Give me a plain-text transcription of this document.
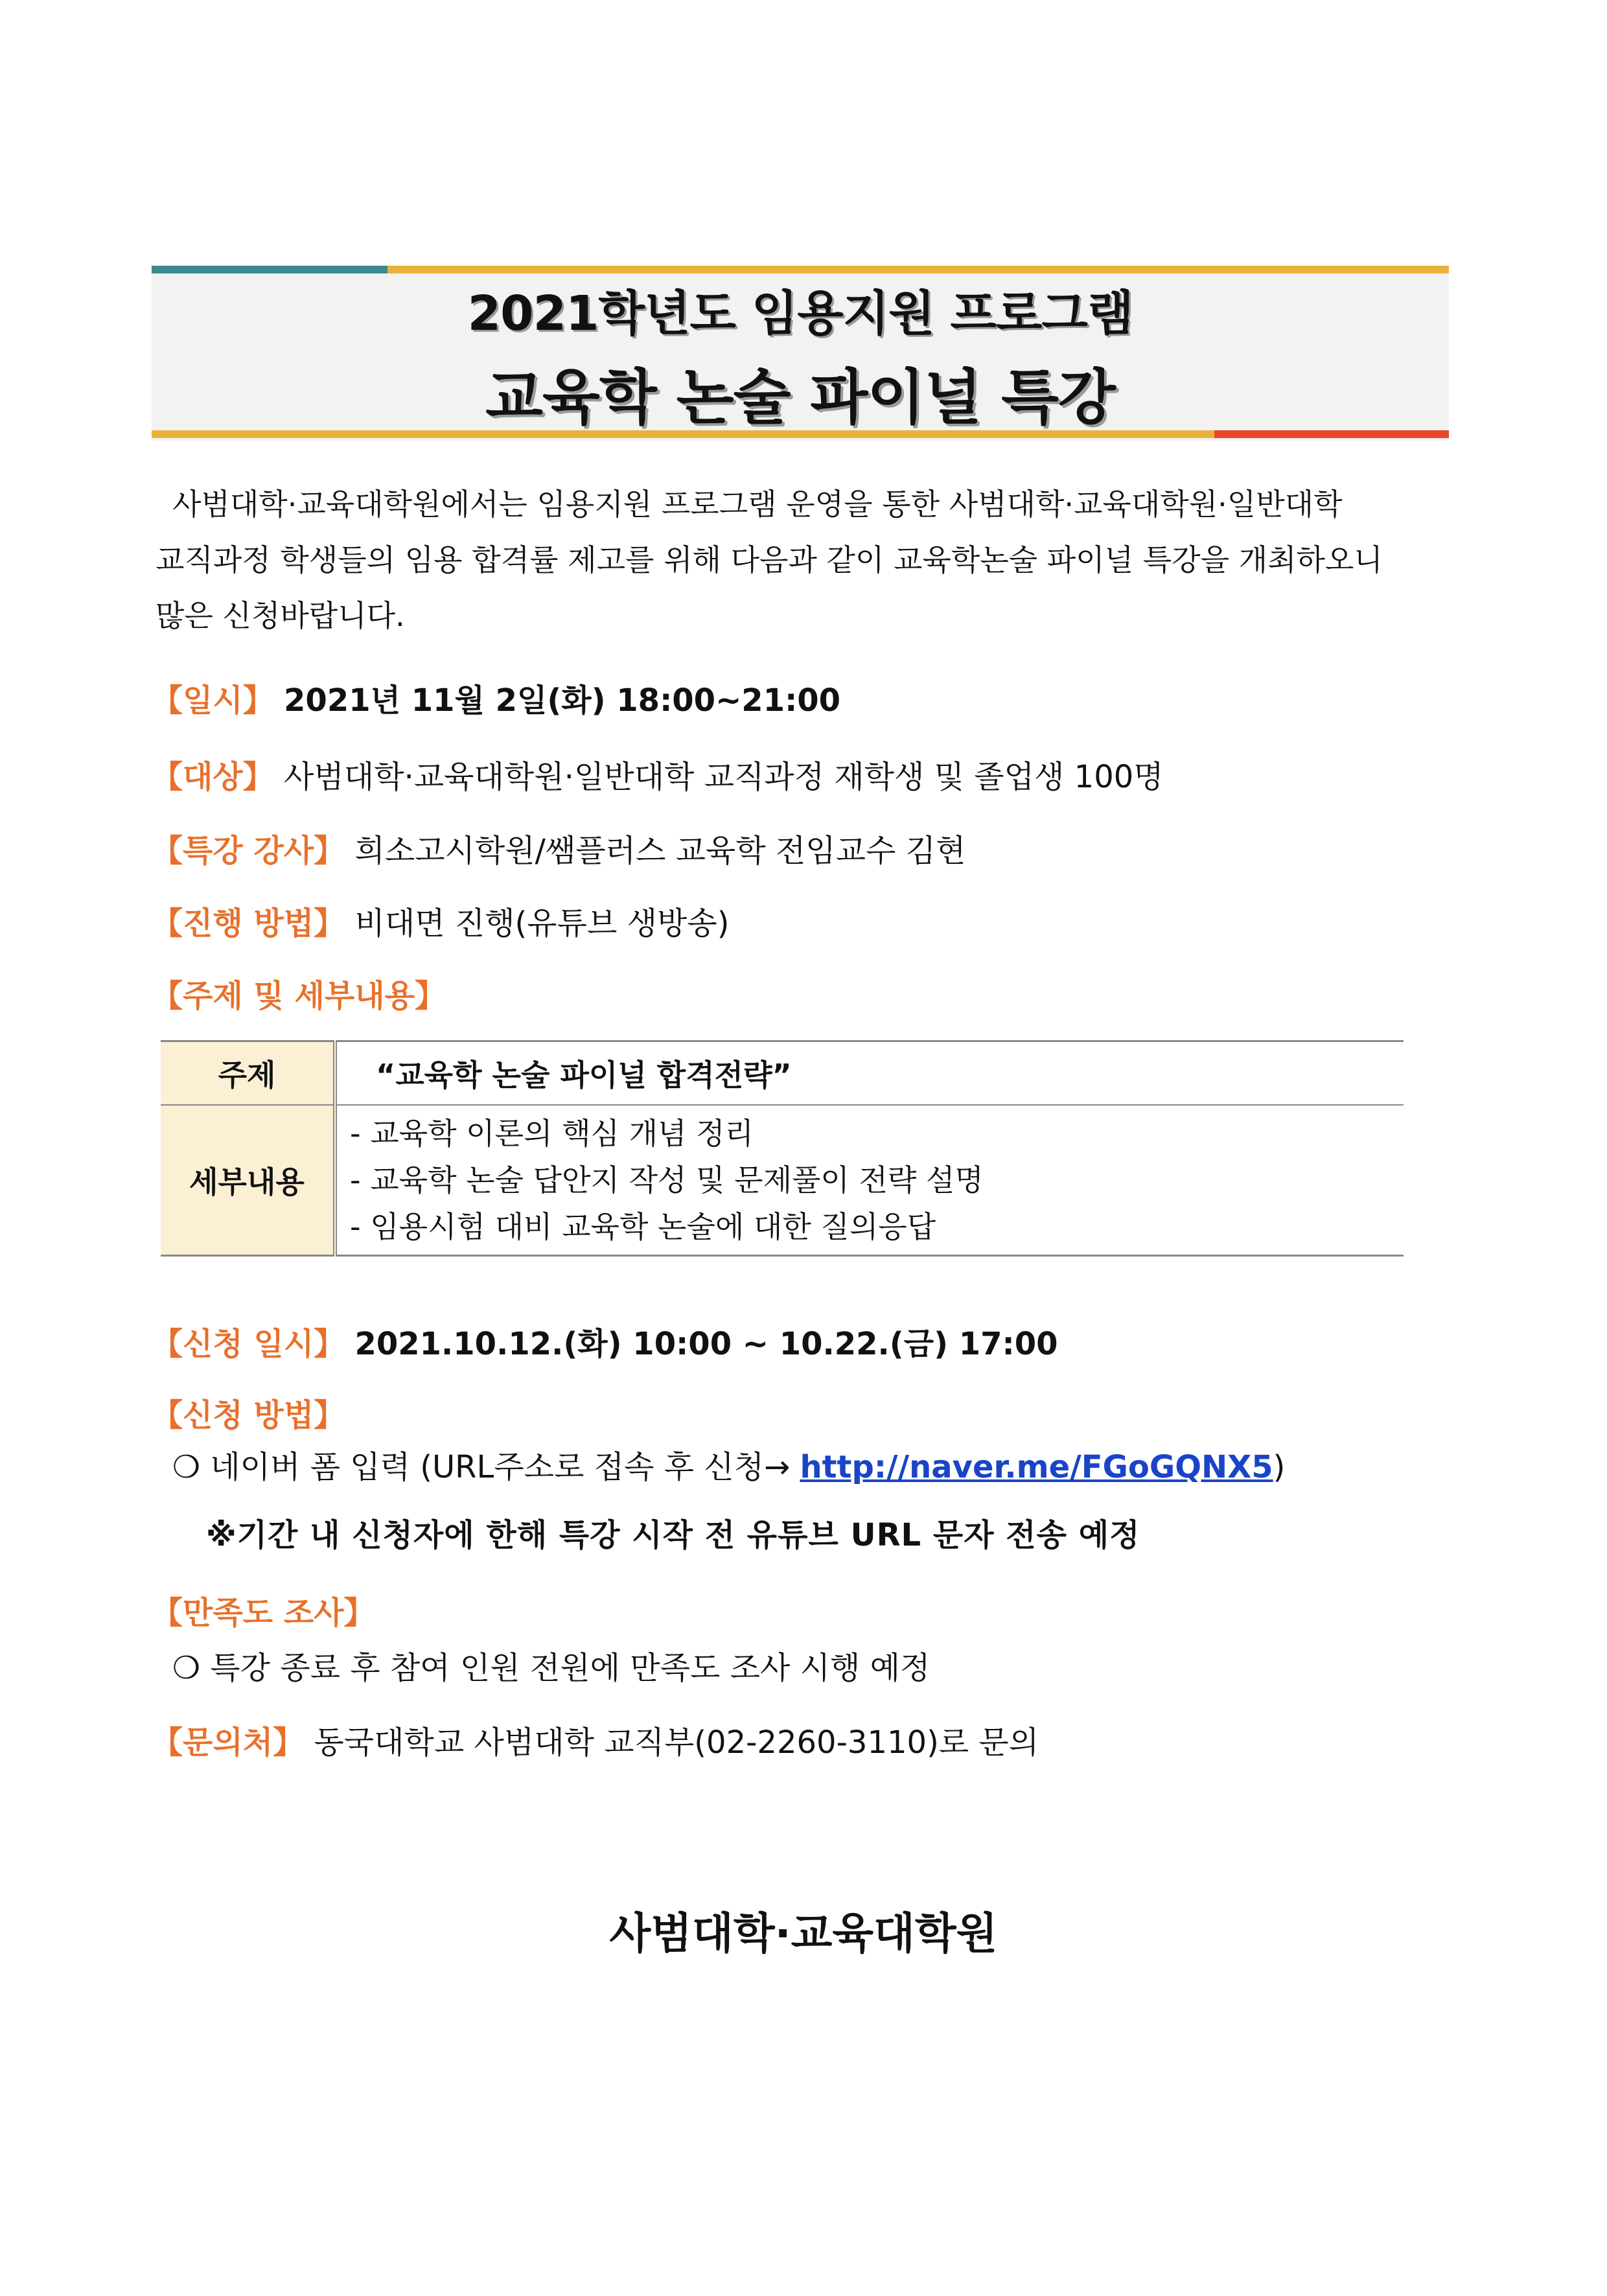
2021학년도 임용지원 프로그램
교육학 논술 파이널 특강
사범대학·교육대학원에서는 임용지원 프로그램 운영을 통한 사범대학·교육대학원·일반대학
교직과정 학생들의 임용 합격률 제고를 위해 다음과 같이 교육학논술 파이널 특강을 개최하오니
많은 신청바랍니다.
【일시】 2021년 11월 2일(화) 18:00~21:00
【대상】 사범대학·교육대학원·일반대학 교직과정 재학생 및 졸업생 100명
【특강 강사】 희소고시학원/쌤플러스 교육학 전임교수 김현
【진행 방법】 비대면 진행(유튜브 생방송)
【주제 및 세부내용】
주제	“교육학 논술 파이널 합격전략”
세부내용	- 교육학 이론의 핵심 개념 정리
- 교육학 논술 답안지 작성 및 문제풀이 전략 설명
- 임용시험 대비 교육학 논술에 대한 질의응답
【신청 일시】 2021.10.12.(화) 10:00 ~ 10.22.(금) 17:00
【신청 방법】
❍ 네이버 폼 입력 (URL주소로 접속 후 신청→ http://naver.me/FGoGQNX5)
※기간 내 신청자에 한해 특강 시작 전 유튜브 URL 문자 전송 예정
【만족도 조사】
❍ 특강 종료 후 참여 인원 전원에 만족도 조사 시행 예정
【문의처】 동국대학교 사범대학 교직부(02-2260-3110)로 문의
사범대학·교육대학원
